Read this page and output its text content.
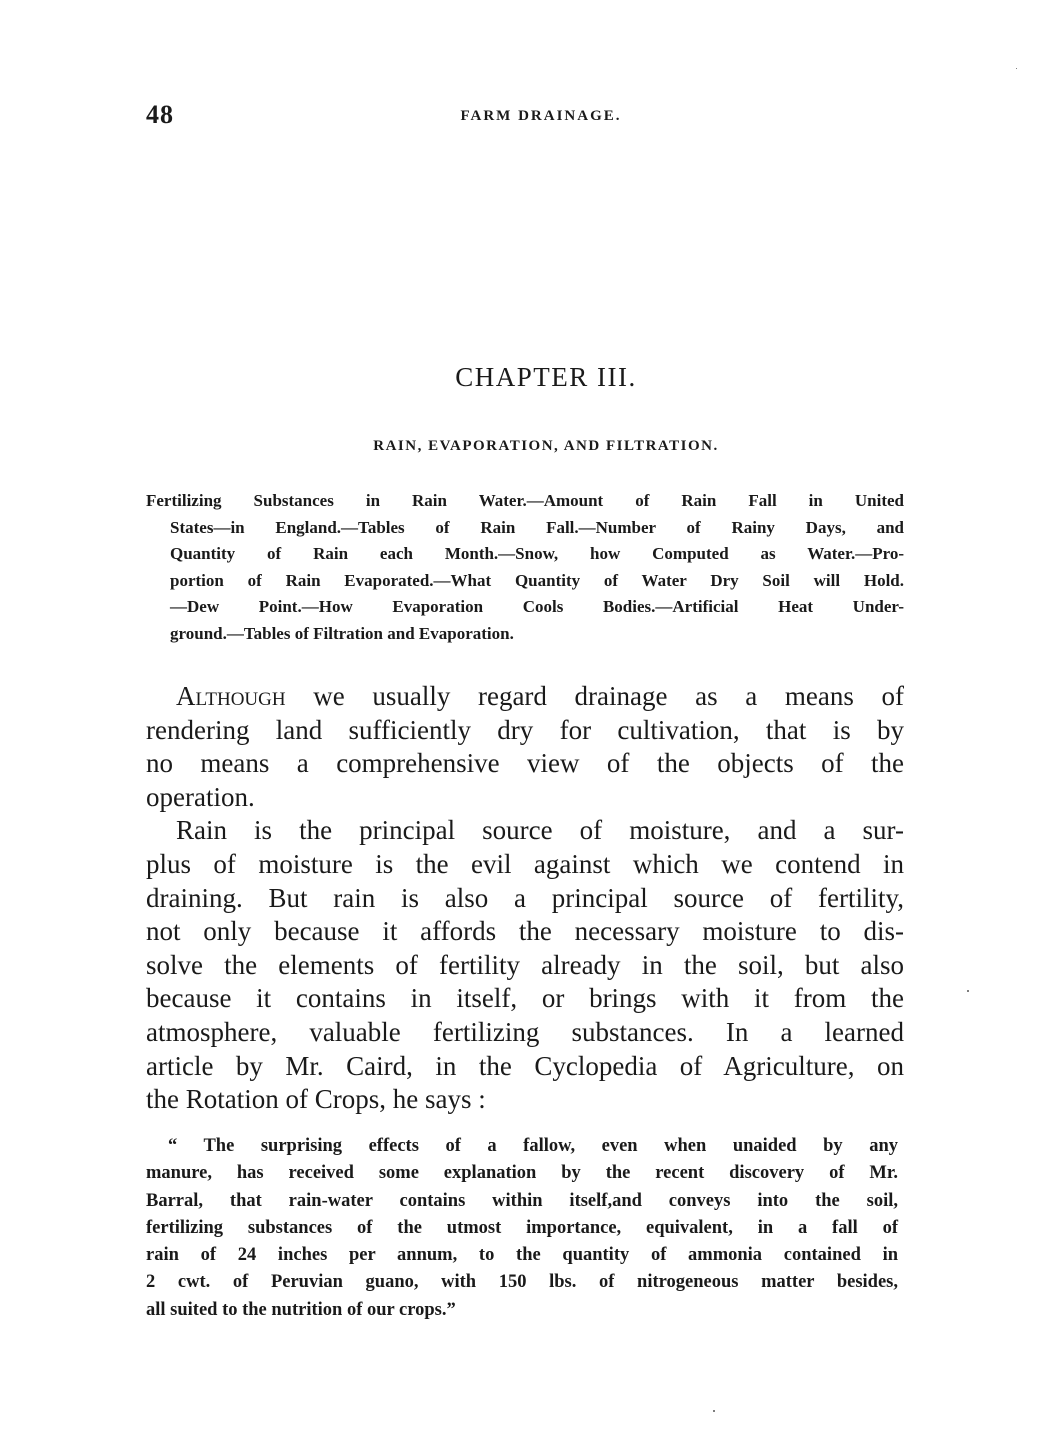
48	FARM DRAINAGE.
CHAPTER III.
RAIN, EVAPORATION, AND FILTRATION.
Fertilizing Substances in Rain Water.—Amount of Rain Fall in United
States—in England.—Tables of Rain Fall.—Number of Rainy Days, and
Quantity of Rain each Month.—Snow, how Computed as Water.—Pro-
portion of Rain Evaporated.—What Quantity of Water Dry Soil will Hold.
—Dew Point.—How Evaporation Cools Bodies.—Artificial Heat Under-
ground.—Tables of Filtration and Evaporation.
Although we usually regard drainage as a means of
rendering land sufficiently dry for cultivation, that is by
no means a comprehensive view of the objects of the
operation.
Rain is the principal source of moisture, and a sur-
plus of moisture is the evil against which we contend in
draining. But rain is also a principal source of fertility,
not only because it affords the necessary moisture to dis-
solve the elements of fertility already in the soil, but also
because it contains in itself, or brings with it from the
atmosphere, valuable fertilizing substances. In a learned
article by Mr. Caird, in the Cyclopedia of Agriculture, on
the Rotation of Crops, he says :
“ The surprising effects of a fallow, even when unaided by any
manure, has received some explanation by the recent discovery of Mr.
Barral, that rain-water contains within itself,and conveys into the soil,
fertilizing substances of the utmost importance, equivalent, in a fall of
rain of 24 inches per annum, to the quantity of ammonia contained in
2 cwt. of Peruvian guano, with 150 lbs. of nitrogeneous matter besides,
all suited to the nutrition of our crops.”
